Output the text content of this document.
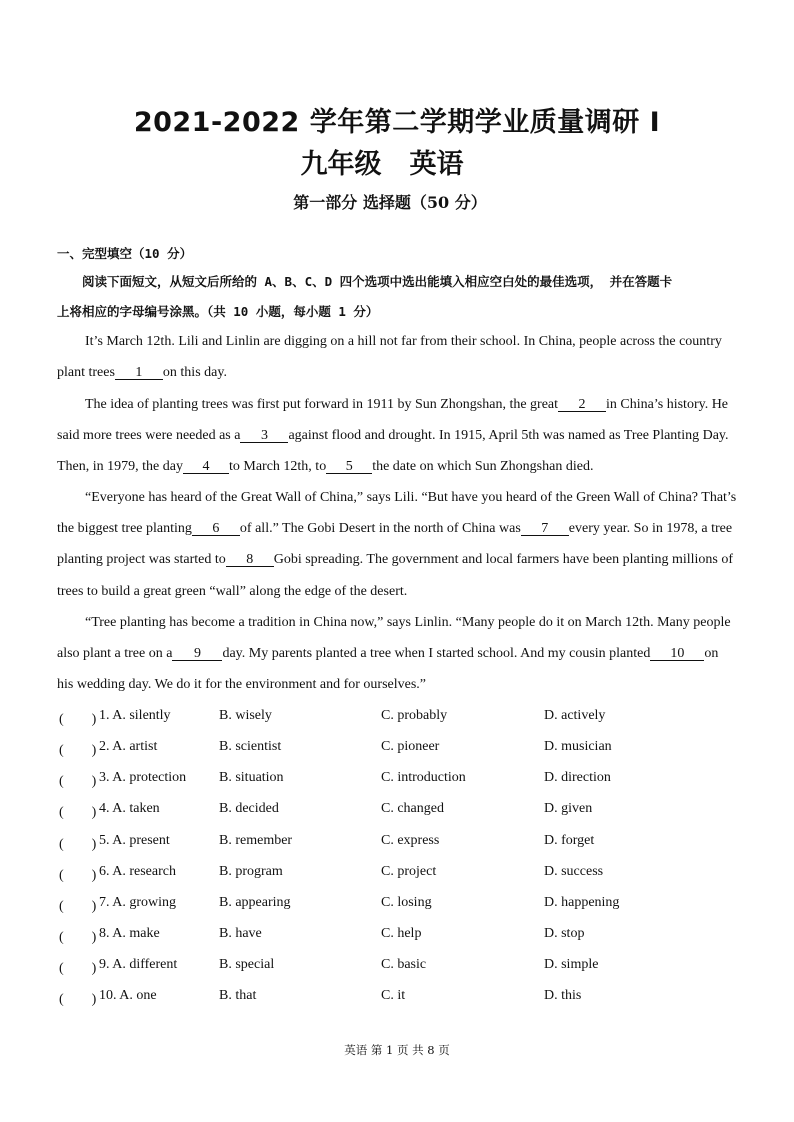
2021-2022 学年第二学期学业质量调研 I
九年级 英语
第一部分 选择题（50 分）
一、完型填空（10 分）
阅读下面短文，从短文后所给的 A、B、C、D 四个选项中选出能填入相应空白处的最佳选项， 并在答题卡
上将相应的字母编号涂黑。（共 10 小题，每小题 1 分）
It’s March 12th. Lili and Linlin are digging on a hill not far from their school. In China, people across the country
plant trees 1 on this day.
The idea of planting trees was first put forward in 1911 by Sun Zhongshan, the great 2 in China’s history. He
said more trees were needed as a 3 against flood and drought. In 1915, April 5th was named as Tree Planting Day.
Then, in 1979, the day 4 to March 12th, to 5 the date on which Sun Zhongshan died.
“Everyone has heard of the Great Wall of China,” says Lili. “But have you heard of the Green Wall of China? That’s
the biggest tree planting 6 of all.” The Gobi Desert in the north of China was 7 every year. So in 1978, a tree
planting project was started to 8 Gobi spreading. The government and local farmers have been planting millions of
trees to build a great green “wall” along the edge of the desert.
“Tree planting has become a tradition in China now,” says Linlin. “Many people do it on March 12th. Many people
also plant a tree on a 9 day. My parents planted a tree when I started school. And my cousin planted 10 on
his wedding day. We do it for the environment and for ourselves.”
(　　) 1. A. silently	B. wisely	C. probably	D. actively
(　　) 2. A. artist	B. scientist	C. pioneer	D. musician
(　　) 3. A. protection B. situation	C. introduction	D. direction
(　　) 4. A. taken	B. decided	C. changed	D. given
(　　) 5. A. present	B. remember	C. express	D. forget
(　　) 6. A. research	B. program	C. project	D. success
(　　) 7. A. growing	B. appearing	C. losing	D. happening
(　　) 8. A. make	B. have	C. help	D. stop
(　　) 9. A. different	B. special	C. basic	D. simple
(　　) 10. A. one	B. that	C. it	D. this
英语 第 1 页 共 8 页
